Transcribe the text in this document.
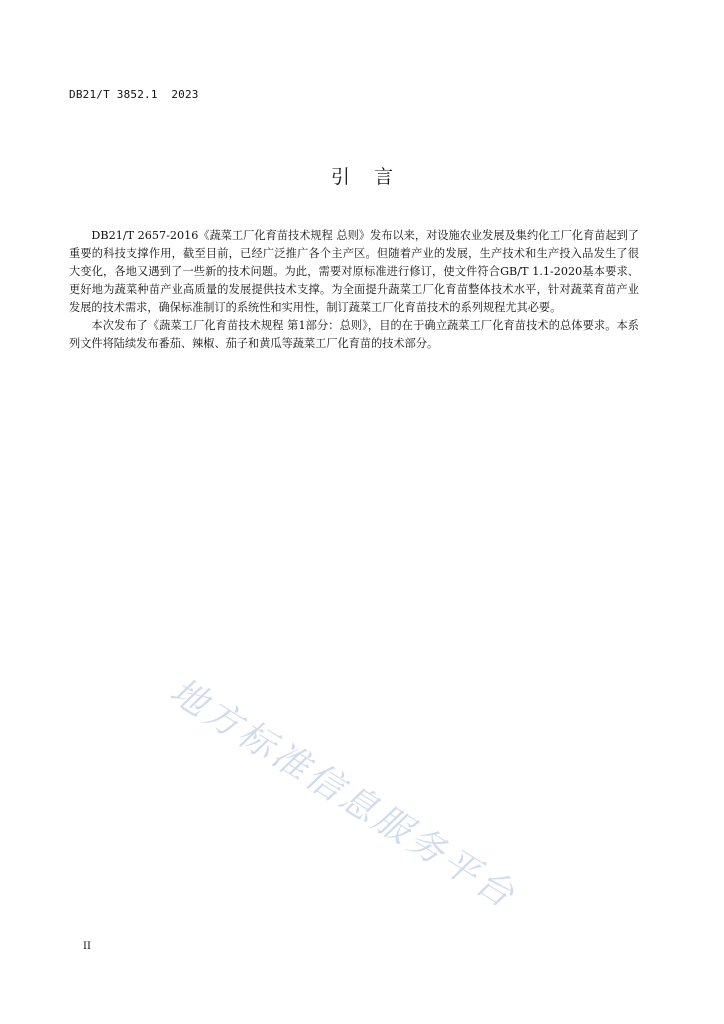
DB21/T 3852.1  2023
引    言

DB21/T 2657-2016《蔬菜工厂化育苗技术规程 总则》发布以来，对设施农业发展及集约化工厂化育苗起到了重要的科技支撑作用，截至目前，已经广泛推广各个主产区。但随着产业的发展，生产技术和生产投入品发生了很大变化，各地又遇到了一些新的技术问题。为此，需要对原标准进行修订，使文件符合GB/T 1.1-2020基本要求、更好地为蔬菜种苗产业高质量的发展提供技术支撑。为全面提升蔬菜工厂化育苗整体技术水平，针对蔬菜育苗产业发展的技术需求，确保标准制订的系统性和实用性，制订蔬菜工厂化育苗技术的系列规程尤其必要。

本次发布了《蔬菜工厂化育苗技术规程 第1部分：总则》，目的在于确立蔬菜工厂化育苗技术的总体要求。本系列文件将陆续发布番茄、辣椒、茄子和黄瓜等蔬菜工厂化育苗的技术部分。

地方标准信息服务平台
II
